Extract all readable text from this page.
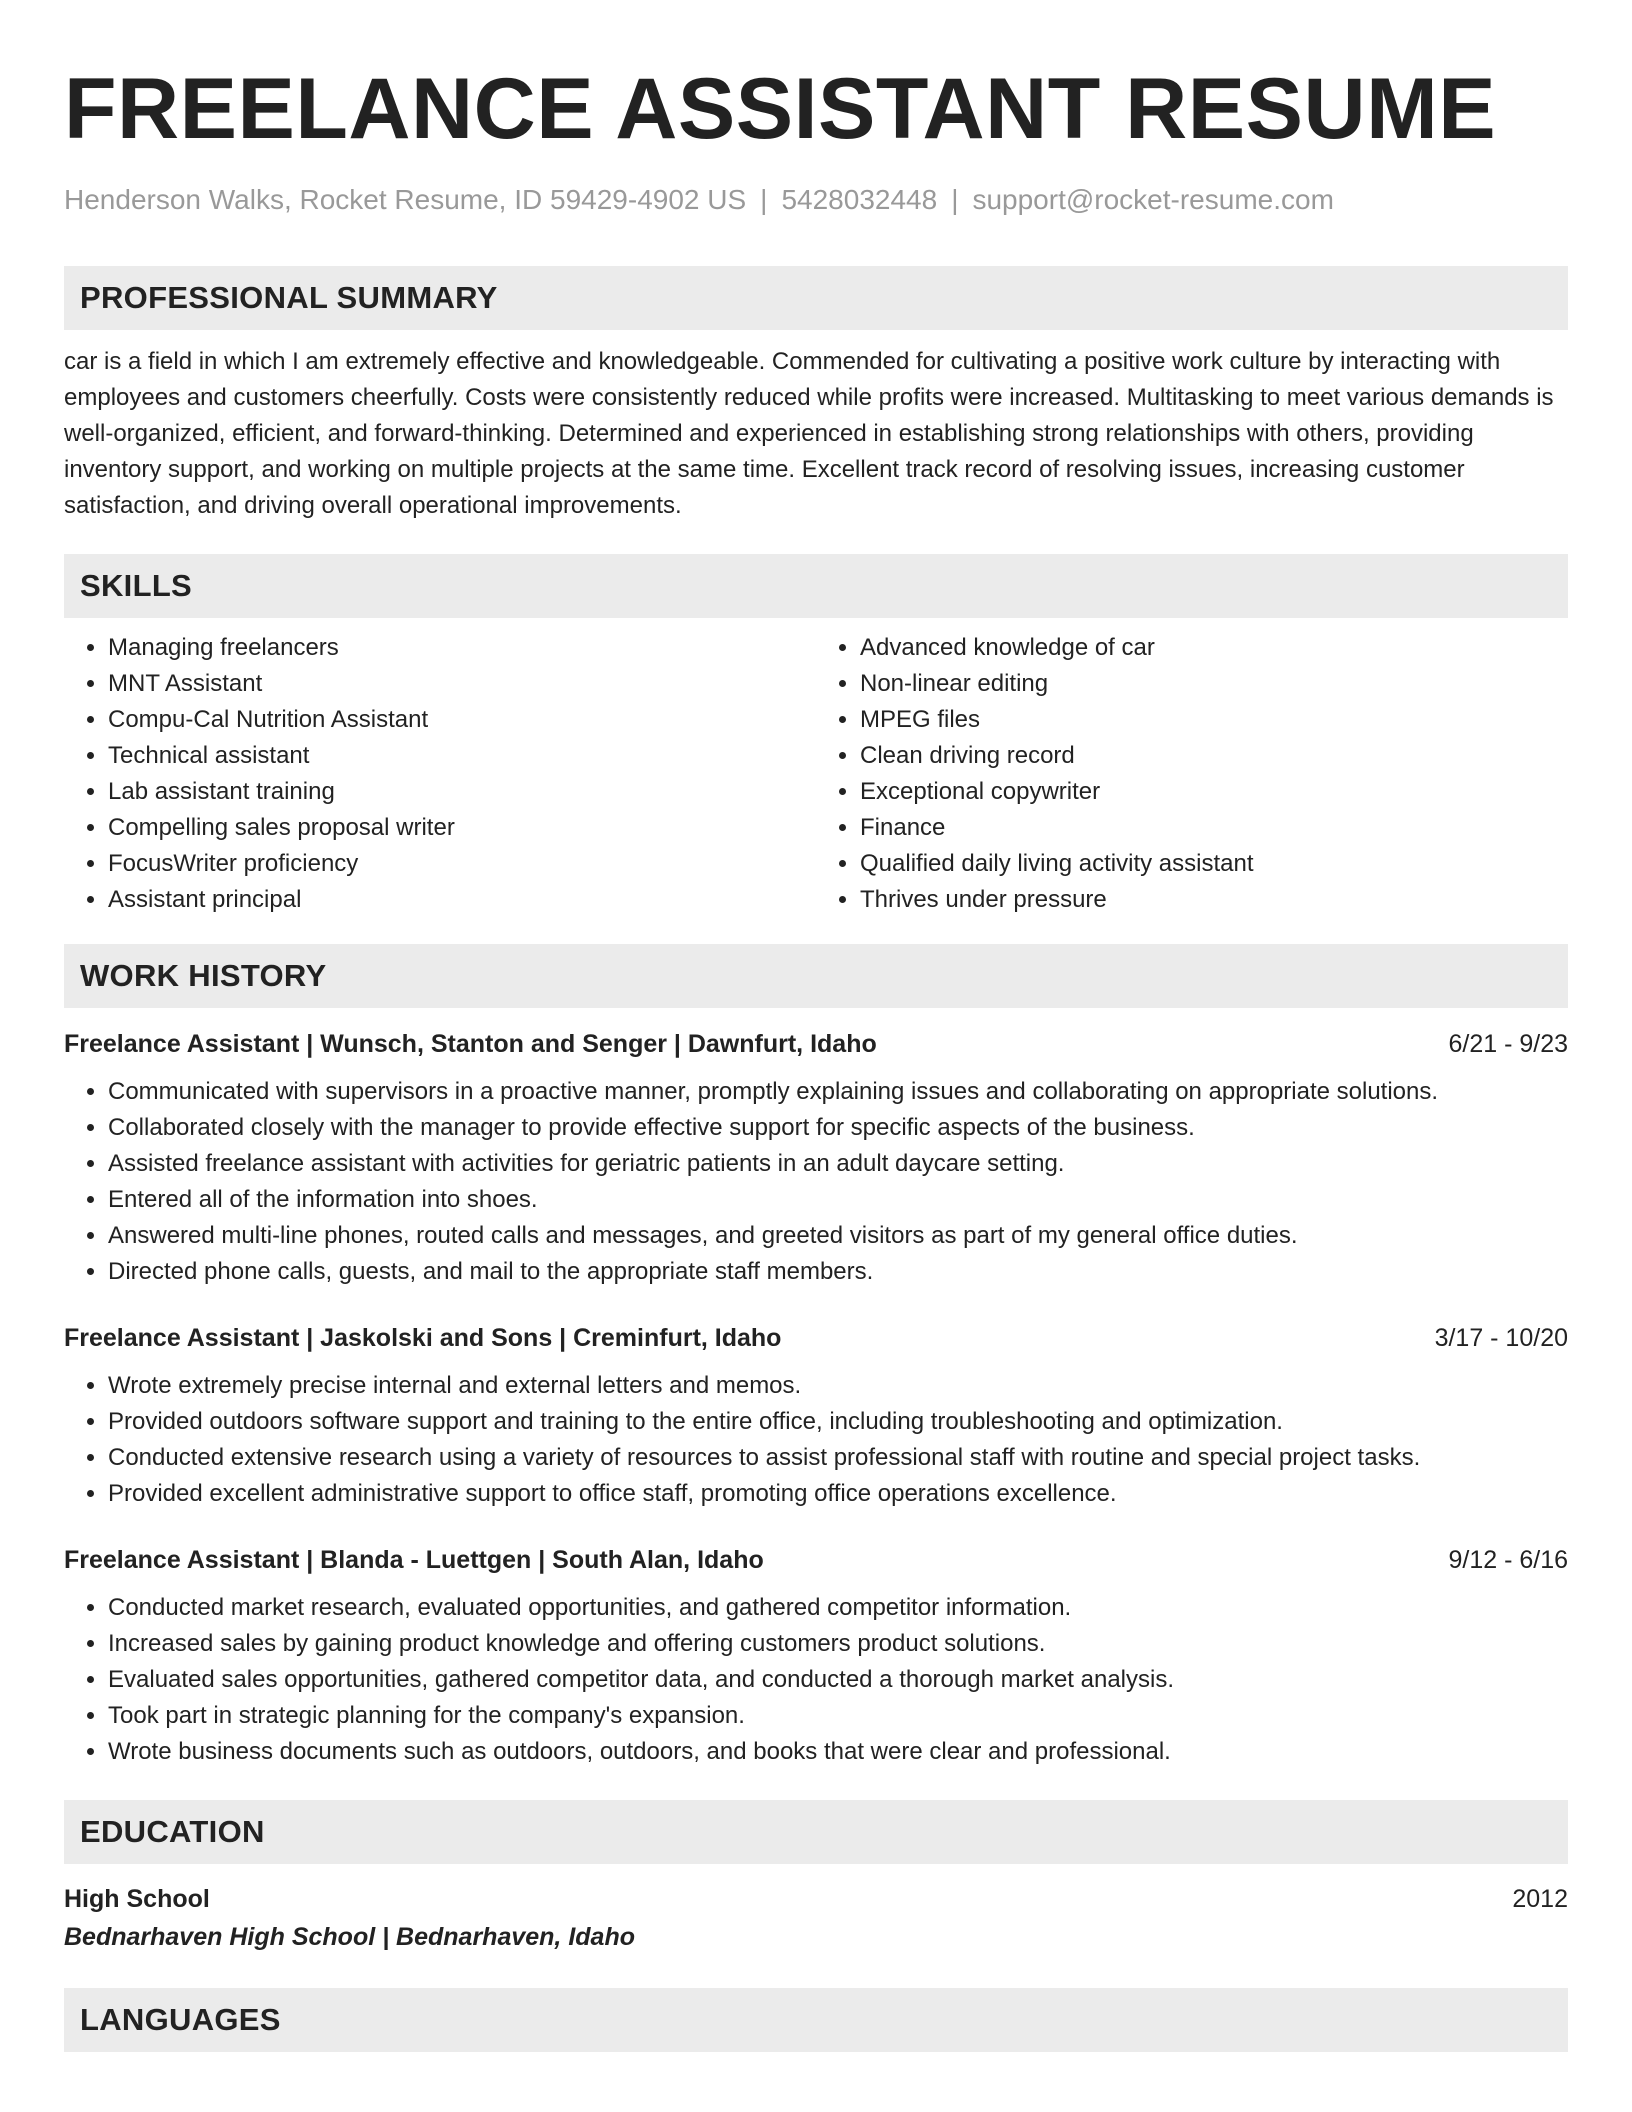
FREELANCE ASSISTANT RESUME
Henderson Walks, Rocket Resume, ID 59429-4902 US | 5428032448 | support@rocket-resume.com
PROFESSIONAL SUMMARY
car is a field in which I am extremely effective and knowledgeable. Commended for cultivating a positive work culture by interacting with employees and customers cheerfully. Costs were consistently reduced while profits were increased. Multitasking to meet various demands is well-organized, efficient, and forward-thinking. Determined and experienced in establishing strong relationships with others, providing inventory support, and working on multiple projects at the same time. Excellent track record of resolving issues, increasing customer satisfaction, and driving overall operational improvements.
SKILLS
• Managing freelancers
• MNT Assistant
• Compu-Cal Nutrition Assistant
• Technical assistant
• Lab assistant training
• Compelling sales proposal writer
• FocusWriter proficiency
• Assistant principal
• Advanced knowledge of car
• Non-linear editing
• MPEG files
• Clean driving record
• Exceptional copywriter
• Finance
• Qualified daily living activity assistant
• Thrives under pressure
WORK HISTORY
Freelance Assistant | Wunsch, Stanton and Senger | Dawnfurt, Idaho	6/21 - 9/23
• Communicated with supervisors in a proactive manner, promptly explaining issues and collaborating on appropriate solutions.
• Collaborated closely with the manager to provide effective support for specific aspects of the business.
• Assisted freelance assistant with activities for geriatric patients in an adult daycare setting.
• Entered all of the information into shoes.
• Answered multi-line phones, routed calls and messages, and greeted visitors as part of my general office duties.
• Directed phone calls, guests, and mail to the appropriate staff members.
Freelance Assistant | Jaskolski and Sons | Creminfurt, Idaho	3/17 - 10/20
• Wrote extremely precise internal and external letters and memos.
• Provided outdoors software support and training to the entire office, including troubleshooting and optimization.
• Conducted extensive research using a variety of resources to assist professional staff with routine and special project tasks.
• Provided excellent administrative support to office staff, promoting office operations excellence.
Freelance Assistant | Blanda - Luettgen | South Alan, Idaho	9/12 - 6/16
• Conducted market research, evaluated opportunities, and gathered competitor information.
• Increased sales by gaining product knowledge and offering customers product solutions.
• Evaluated sales opportunities, gathered competitor data, and conducted a thorough market analysis.
• Took part in strategic planning for the company's expansion.
• Wrote business documents such as outdoors, outdoors, and books that were clear and professional.
EDUCATION
High School	2012
Bednarhaven High School | Bednarhaven, Idaho
LANGUAGES
